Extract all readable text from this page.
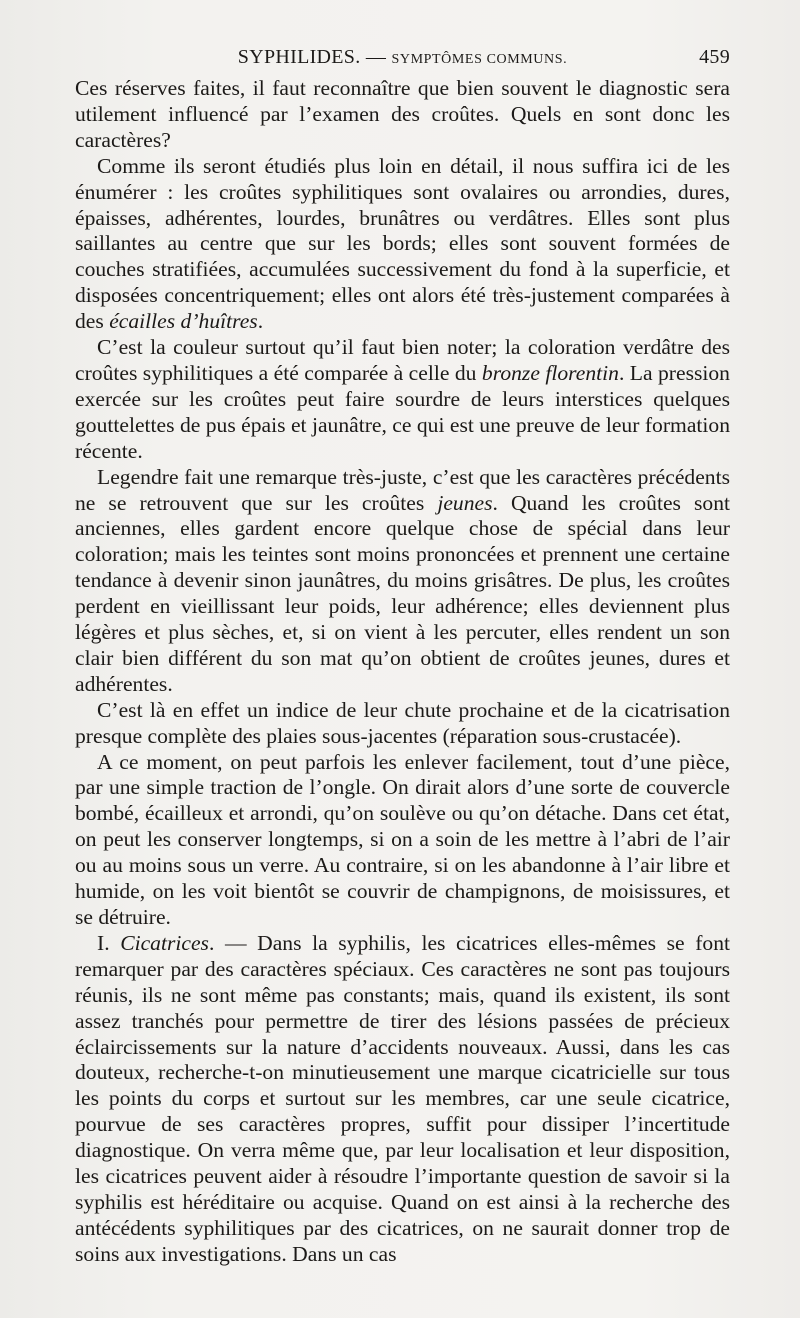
SYPHILIDES. — SYMPTÔMES COMMUNS.	459

Ces réserves faites, il faut reconnaître que bien souvent le diagnostic sera utilement influencé par l’examen des croûtes. Quels en sont donc les caractères?

Comme ils seront étudiés plus loin en détail, il nous suffira ici de les énumérer : les croûtes syphilitiques sont ovalaires ou arrondies, dures, épaisses, adhérentes, lourdes, brunâtres ou verdâtres. Elles sont plus saillantes au centre que sur les bords; elles sont souvent formées de couches stratifiées, accumulées successivement du fond à la superficie, et disposées concentriquement; elles ont alors été très-justement comparées à des écailles d’huîtres.

C’est la couleur surtout qu’il faut bien noter; la coloration verdâtre des croûtes syphilitiques a été comparée à celle du bronze florentin. La pression exercée sur les croûtes peut faire sourdre de leurs interstices quelques gouttelettes de pus épais et jaunâtre, ce qui est une preuve de leur formation récente.

Legendre fait une remarque très-juste, c’est que les caractères précédents ne se retrouvent que sur les croûtes jeunes. Quand les croûtes sont anciennes, elles gardent encore quelque chose de spécial dans leur coloration; mais les teintes sont moins prononcées et prennent une certaine tendance à devenir sinon jaunâtres, du moins grisâtres. De plus, les croûtes perdent en vieillissant leur poids, leur adhérence; elles deviennent plus légères et plus sèches, et, si on vient à les percuter, elles rendent un son clair bien différent du son mat qu’on obtient de croûtes jeunes, dures et adhérentes.

C’est là en effet un indice de leur chute prochaine et de la cicatrisation presque complète des plaies sous-jacentes (réparation sous-crustacée).

A ce moment, on peut parfois les enlever facilement, tout d’une pièce, par une simple traction de l’ongle. On dirait alors d’une sorte de couvercle bombé, écailleux et arrondi, qu’on soulève ou qu’on détache. Dans cet état, on peut les conserver longtemps, si on a soin de les mettre à l’abri de l’air ou au moins sous un verre. Au contraire, si on les abandonne à l’air libre et humide, on les voit bientôt se couvrir de champignons, de moisissures, et se détruire.

I. Cicatrices. — Dans la syphilis, les cicatrices elles-mêmes se font remarquer par des caractères spéciaux. Ces caractères ne sont pas toujours réunis, ils ne sont même pas constants; mais, quand ils existent, ils sont assez tranchés pour permettre de tirer des lésions passées de précieux éclaircissements sur la nature d’accidents nouveaux. Aussi, dans les cas douteux, recherche-t-on minutieusement une marque cicatricielle sur tous les points du corps et surtout sur les membres, car une seule cicatrice, pourvue de ses caractères propres, suffit pour dissiper l’incertitude diagnostique. On verra même que, par leur localisation et leur disposition, les cicatrices peuvent aider à résoudre l’importante question de savoir si la syphilis est héréditaire ou acquise. Quand on est ainsi à la recherche des antécédents syphilitiques par des cicatrices, on ne saurait donner trop de soins aux investigations. Dans un cas
